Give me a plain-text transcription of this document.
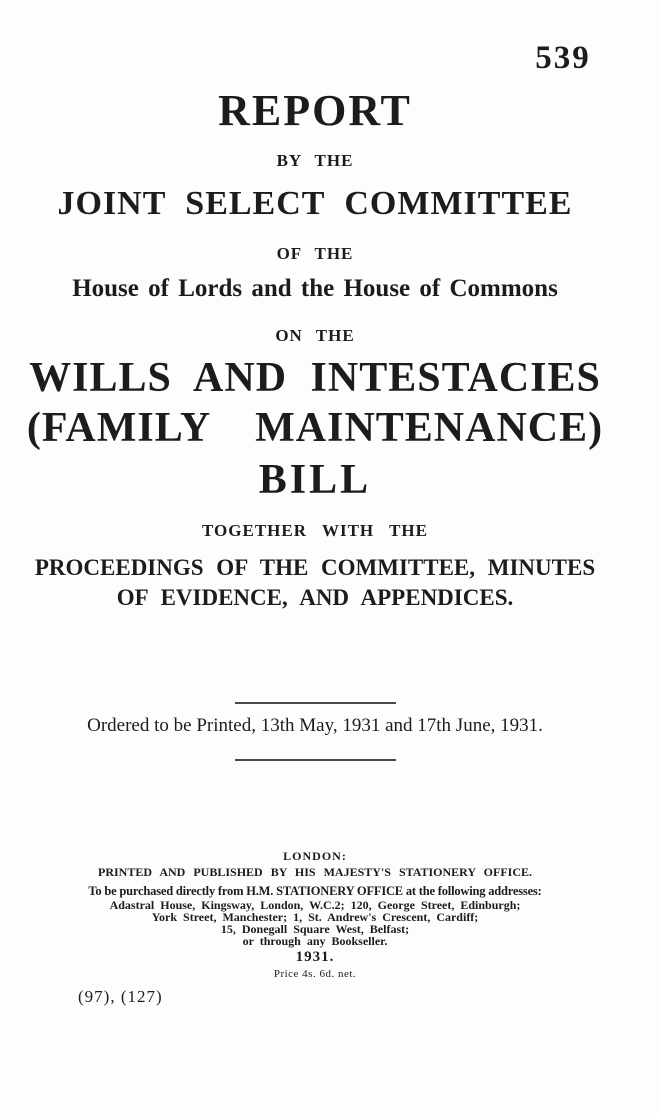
539
REPORT
BY THE
JOINT SELECT COMMITTEE
OF THE
House of Lords and the House of Commons
ON THE
WILLS AND INTESTACIES
(FAMILY MAINTENANCE)
BILL
TOGETHER WITH THE
PROCEEDINGS OF THE COMMITTEE, MINUTES
OF EVIDENCE, AND APPENDICES.
Ordered to be Printed, 13th May, 1931 and 17th June, 1931.
LONDON:
PRINTED AND PUBLISHED BY HIS MAJESTY'S STATIONERY OFFICE.
To be purchased directly from H.M. STATIONERY OFFICE at the following addresses:
Adastral House, Kingsway, London, W.C.2; 120, George Street, Edinburgh;
York Street, Manchester; 1, St. Andrew's Crescent, Cardiff;
15, Donegall Square West, Belfast;
or through any Bookseller.
1931.
Price 4s. 6d. net.
(97), (127)
